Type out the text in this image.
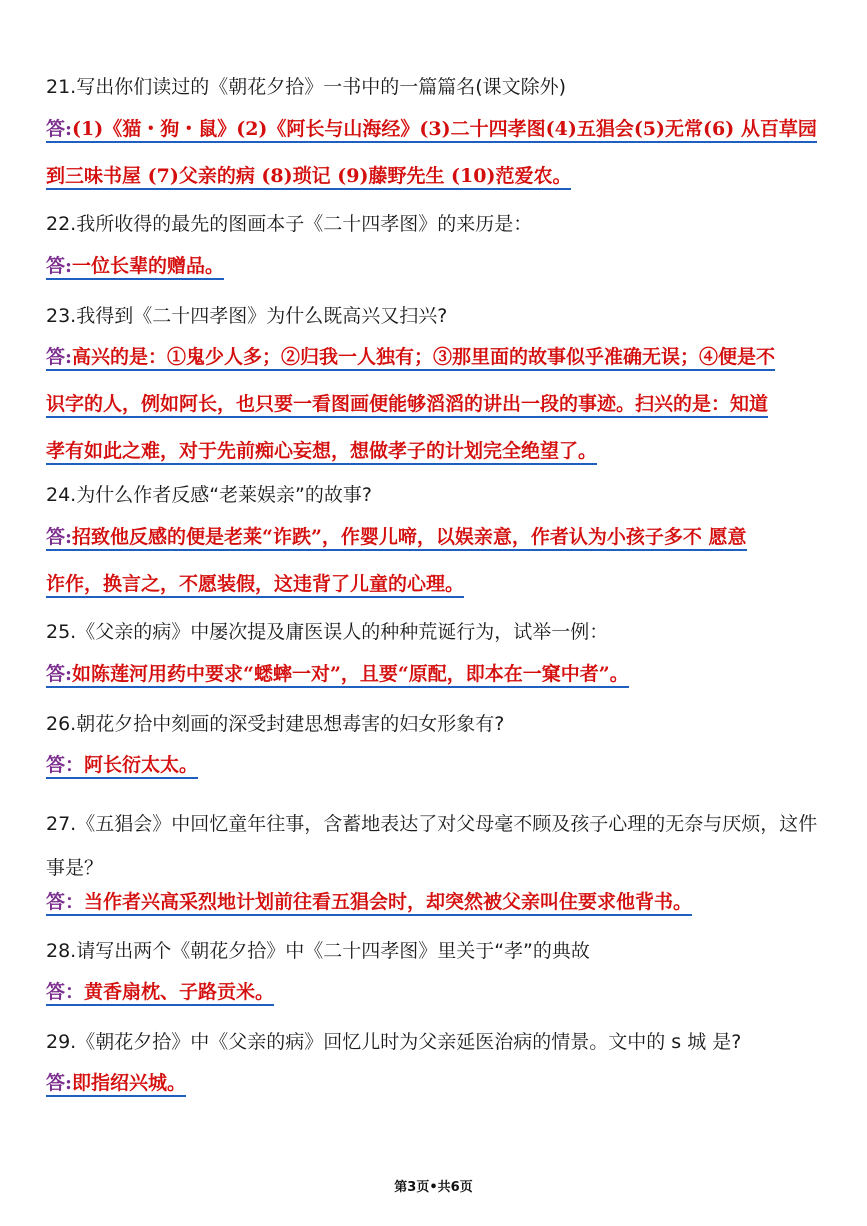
21.写出你们读过的《朝花夕拾》一书中的一篇篇名(课文除外)
答:(1)《猫・狗・鼠》(2)《阿长与山海经》(3)二十四孝图(4)五猖会(5)无常(6) 从百草园
到三味书屋 (7)父亲的病 (8)琐记 (9)藤野先生 (10)范爱农。
22.我所收得的最先的图画本子《二十四孝图》的来历是：
答:一位长辈的赠品。
23.我得到《二十四孝图》为什么既高兴又扫兴?
答:高兴的是：①鬼少人多；②归我一人独有；③那里面的故事似乎准确无误；④便是不
识字的人，例如阿长，也只要一看图画便能够滔滔的讲出一段的事迹。扫兴的是：知道
孝有如此之难，对于先前痴心妄想，想做孝子的计划完全绝望了。
24.为什么作者反感“老莱娱亲”的故事?
答:招致他反感的便是老莱“诈跌”，作婴儿啼，以娱亲意，作者认为小孩子多不 愿意
诈作，换言之，不愿装假，这违背了儿童的心理。
25.《父亲的病》中屡次提及庸医误人的种种荒诞行为，试举一例：
答:如陈莲河用药中要求“蟋蟀一对”，且要“原配，即本在一窠中者”。
26.朝花夕拾中刻画的深受封建思想毒害的妇女形象有?
答：阿长衍太太。
27.《五猖会》中回忆童年往事，含蓄地表达了对父母毫不顾及孩子心理的无奈与厌烦，这件事是？
答：当作者兴高采烈地计划前往看五猖会时，却突然被父亲叫住要求他背书。
28.请写出两个《朝花夕拾》中《二十四孝图》里关于“孝”的典故
答：黄香扇枕、子路贡米。
29.《朝花夕拾》中《父亲的病》回忆儿时为父亲延医治病的情景。文中的 s 城 是?
答:即指绍兴城。
第3页•共6页
